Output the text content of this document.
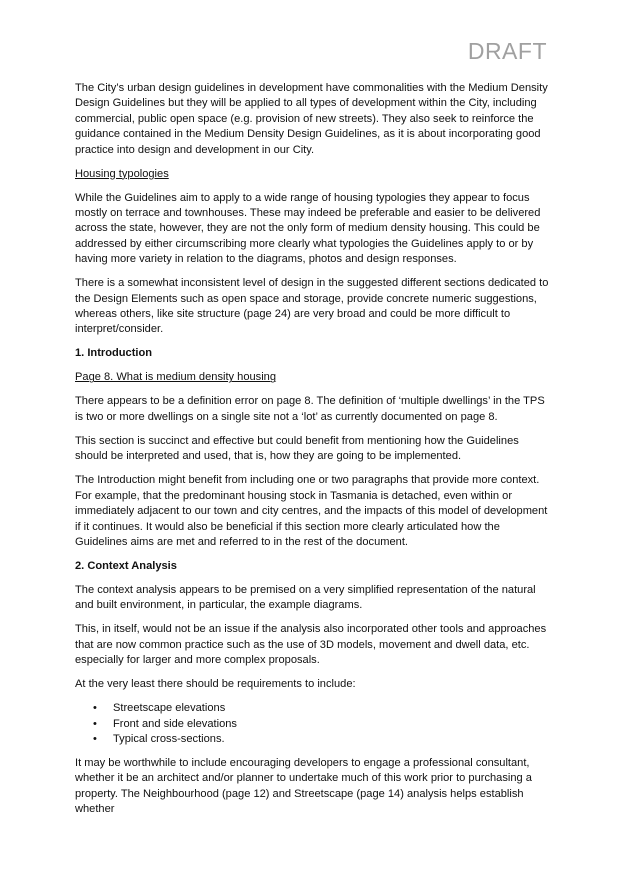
DRAFT

The City’s urban design guidelines in development have commonalities with the Medium Density Design Guidelines but they will be applied to all types of development within the City, including commercial, public open space (e.g. provision of new streets). They also seek to reinforce the guidance contained in the Medium Density Design Guidelines, as it is about incorporating good practice into design and development in our City.

Housing typologies

While the Guidelines aim to apply to a wide range of housing typologies they appear to focus mostly on terrace and townhouses. These may indeed be preferable and easier to be delivered across the state, however, they are not the only form of medium density housing. This could be addressed by either circumscribing more clearly what typologies the Guidelines apply to or by having more variety in relation to the diagrams, photos and design responses.

There is a somewhat inconsistent level of design in the suggested different sections dedicated to the Design Elements such as open space and storage, provide concrete numeric suggestions, whereas others, like site structure (page 24) are very broad and could be more difficult to interpret/consider.

1. Introduction

Page 8. What is medium density housing

There appears to be a definition error on page 8. The definition of ‘multiple dwellings’ in the TPS is two or more dwellings on a single site not a ‘lot’ as currently documented on page 8.

This section is succinct and effective but could benefit from mentioning how the Guidelines should be interpreted and used, that is, how they are going to be implemented.

The Introduction might benefit from including one or two paragraphs that provide more context. For example, that the predominant housing stock in Tasmania is detached, even within or immediately adjacent to our town and city centres, and the impacts of this model of development if it continues. It would also be beneficial if this section more clearly articulated how the Guidelines aims are met and referred to in the rest of the document.

2. Context Analysis

The context analysis appears to be premised on a very simplified representation of the natural and built environment, in particular, the example diagrams.

This, in itself, would not be an issue if the analysis also incorporated other tools and approaches that are now common practice such as the use of 3D models, movement and dwell data, etc. especially for larger and more complex proposals.

At the very least there should be requirements to include:

• Streetscape elevations
• Front and side elevations
• Typical cross-sections.

It may be worthwhile to include encouraging developers to engage a professional consultant, whether it be an architect and/or planner to undertake much of this work prior to purchasing a property. The Neighbourhood (page 12) and Streetscape (page 14) analysis helps establish whether
